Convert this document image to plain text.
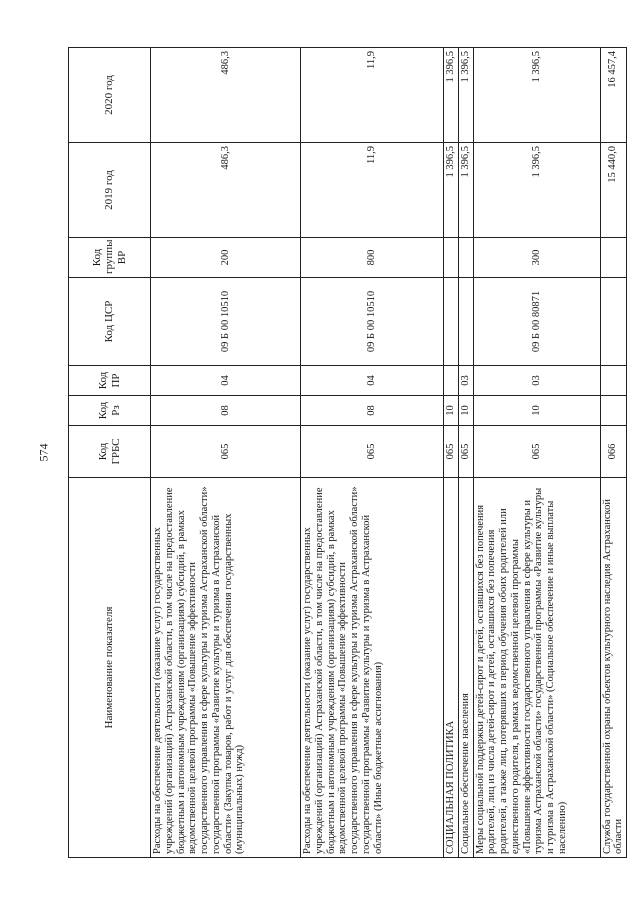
574
Наименование показателя	Код ГРБС	Код Рз	Код ПР	Код ЦСР	Код группы ВР	2019 год	2020 год
Расходы на обеспечение деятельности (оказание услуг) государственных учреждений (организаций) Астраханской области, в том числе на предоставление бюджетным и автономным учреждениям (организациям) субсидий, в рамках ведомственной целевой программы «Повышение эффективности государственного управления в сфере культуры и туризма Астраханской области» государственной программы «Развитие культуры и туризма в Астраханской области» (Закупка товаров, работ и услуг для обеспечения государственных (муниципальных) нужд)	065	08	04	09 Б 00 10510	200	486,3	486,3
Расходы на обеспечение деятельности (оказание услуг) государственных учреждений (организаций) Астраханской области, в том числе на предоставление бюджетным и автономным учреждениям (организациям) субсидий, в рамках ведомственной целевой программы «Повышение эффективности государственного управления в сфере культуры и туризма Астраханской области» государственной программы «Развитие культуры и туризма в Астраханской области» (Иные бюджетные ассигнования)	065	08	04	09 Б 00 10510	800	11,9	11,9
СОЦИАЛЬНАЯ ПОЛИТИКА	065	10				1 396,5	1 396,5
Социальное обеспечение населения	065	10	03			1 396,5	1 396,5
Меры социальной поддержки детей-сирот и детей, оставшихся без попечения родителей, лиц из числа детей-сирот и детей, оставшихся без попечения родителей, а также лиц, потерявших в период обучения обоих родителей или единственного родителя, в рамках ведомственной целевой программы «Повышение эффективности государственного управления в сфере культуры и туризма Астраханской области» государственной программы «Развитие культуры и туризма в Астраханской области» (Социальное обеспечение и иные выплаты населению)	065	10	03	09 Б 00 80871	300	1 396,5	1 396,5
Служба государственной охраны объектов культурного наследия Астраханской области	066					15 440,0	16 457,4
